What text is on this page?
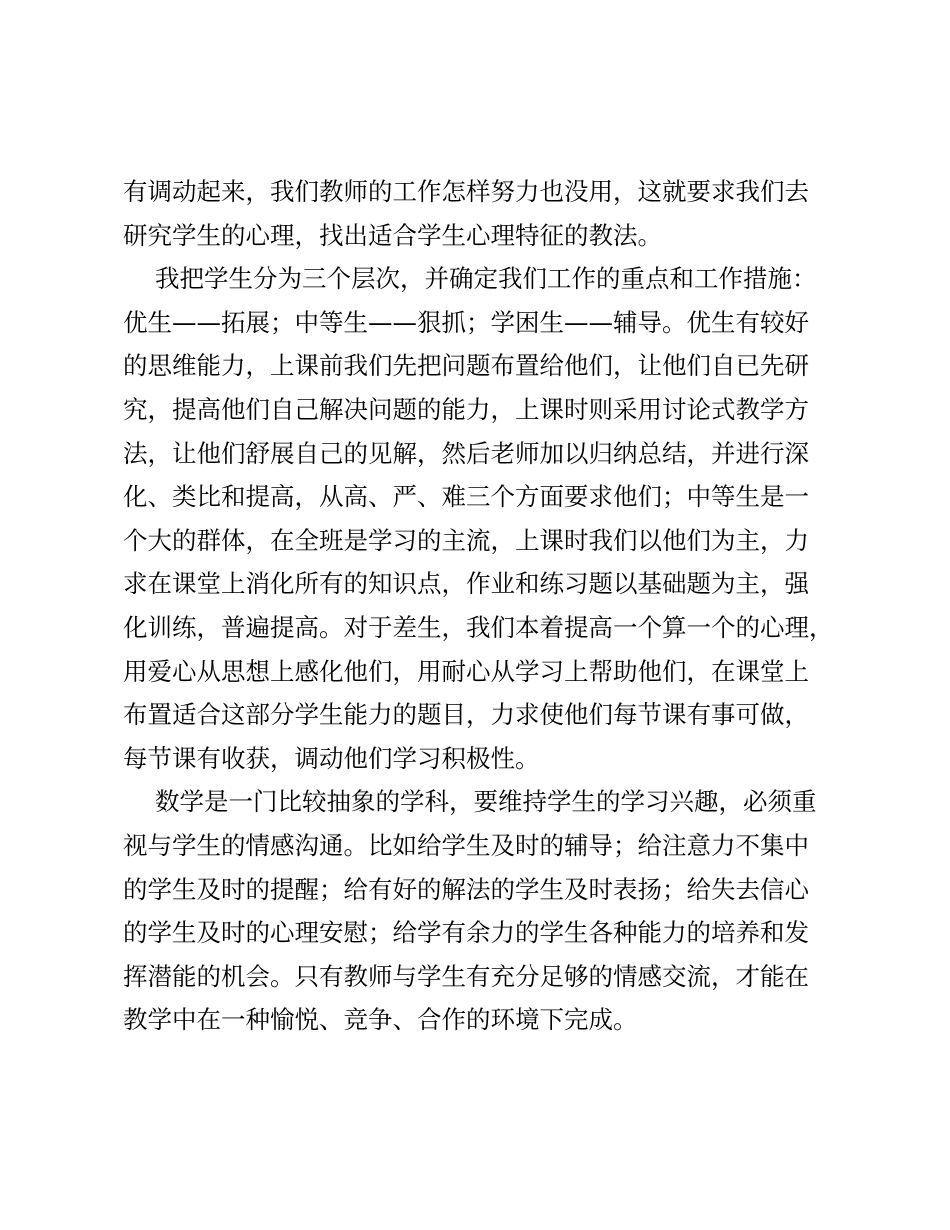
有调动起来，我们教师的工作怎样努力也没用，这就要求我们去
研究学生的心理，找出适合学生心理特征的教法。
我把学生分为三个层次，并确定我们工作的重点和工作措施：
优生——拓展；中等生——狠抓；学困生——辅导。优生有较好
的思维能力，上课前我们先把问题布置给他们，让他们自已先研
究，提高他们自己解决问题的能力，上课时则采用讨论式教学方
法，让他们舒展自己的见解，然后老师加以归纳总结，并进行深
化、类比和提高，从高、严、难三个方面要求他们；中等生是一
个大的群体，在全班是学习的主流，上课时我们以他们为主，力
求在课堂上消化所有的知识点，作业和练习题以基础题为主，强
化训练，普遍提高。对于差生，我们本着提高一个算一个的心理，
用爱心从思想上感化他们，用耐心从学习上帮助他们，在课堂上
布置适合这部分学生能力的题目，力求使他们每节课有事可做，
每节课有收获，调动他们学习积极性。
数学是一门比较抽象的学科，要维持学生的学习兴趣，必须重
视与学生的情感沟通。比如给学生及时的辅导；给注意力不集中
的学生及时的提醒；给有好的解法的学生及时表扬；给失去信心
的学生及时的心理安慰；给学有余力的学生各种能力的培养和发
挥潜能的机会。只有教师与学生有充分足够的情感交流，才能在
教学中在一种愉悦、竞争、合作的环境下完成。
